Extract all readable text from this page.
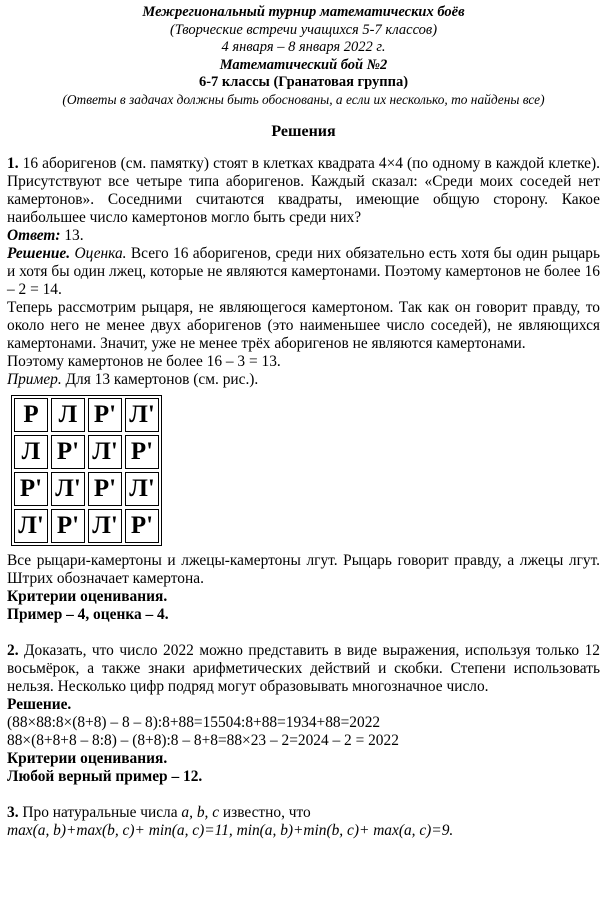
Межрегиональный турнир математических боёв
(Творческие встречи учащихся 5-7 классов)
4 января – 8 января 2022 г.
Математический бой №2
6-7 классы (Гранатовая группа)
(Ответы в задачах должны быть обоснованы, а если их несколько, то найдены все)
Решения

1. 16 аборигенов (см. памятку) стоят в клетках квадрата 4×4 (по одному в каждой клетке). Присутствуют все четыре типа аборигенов. Каждый сказал: «Среди моих соседей нет камертонов». Соседними считаются квадраты, имеющие общую сторону. Какое наибольшее число камертонов могло быть среди них?

Ответ: 13.

Решение. Оценка. Всего 16 аборигенов, среди них обязательно есть хотя бы один рыцарь и хотя бы один лжец, которые не являются камертонами. Поэтому камертонов не более 16 – 2 = 14.

Теперь рассмотрим рыцаря, не являющегося камертоном. Так как он говорит правду, то около него не менее двух аборигенов (это наименьшее число соседей), не являющихся камертонами. Значит, уже не менее трёх аборигенов не являются камертонами.

Поэтому камертонов не более 16 – 3 = 13.

Пример. Для 13 камертонов (см. рис.).

Р Л Р' Л'
Л Р' Л' Р'
Р' Л' Р' Л'
Л' Р' Л' Р'

Все рыцари-камертоны и лжецы-камертоны лгут. Рыцарь говорит правду, а лжецы лгут. Штрих обозначает камертона.

Критерии оценивания.

Пример – 4, оценка – 4.

2. Доказать, что число 2022 можно представить в виде выражения, используя только 12 восьмёрок, а также знаки арифметических действий и скобки. Степени использовать нельзя. Несколько цифр подряд могут образовывать многозначное число.

Решение.

(88×88:8×(8+8) – 8 – 8):8+88=15504:8+88=1934+88=2022

88×(8+8+8 – 8:8) – (8+8):8 – 8+8=88×23 – 2=2024 – 2 = 2022

Критерии оценивания.

Любой верный пример – 12.

3. Про натуральные числа a, b, c известно, что

max(a, b)+max(b, c)+ min(a, c)=11, min(a, b)+min(b, c)+ max(a, c)=9.
